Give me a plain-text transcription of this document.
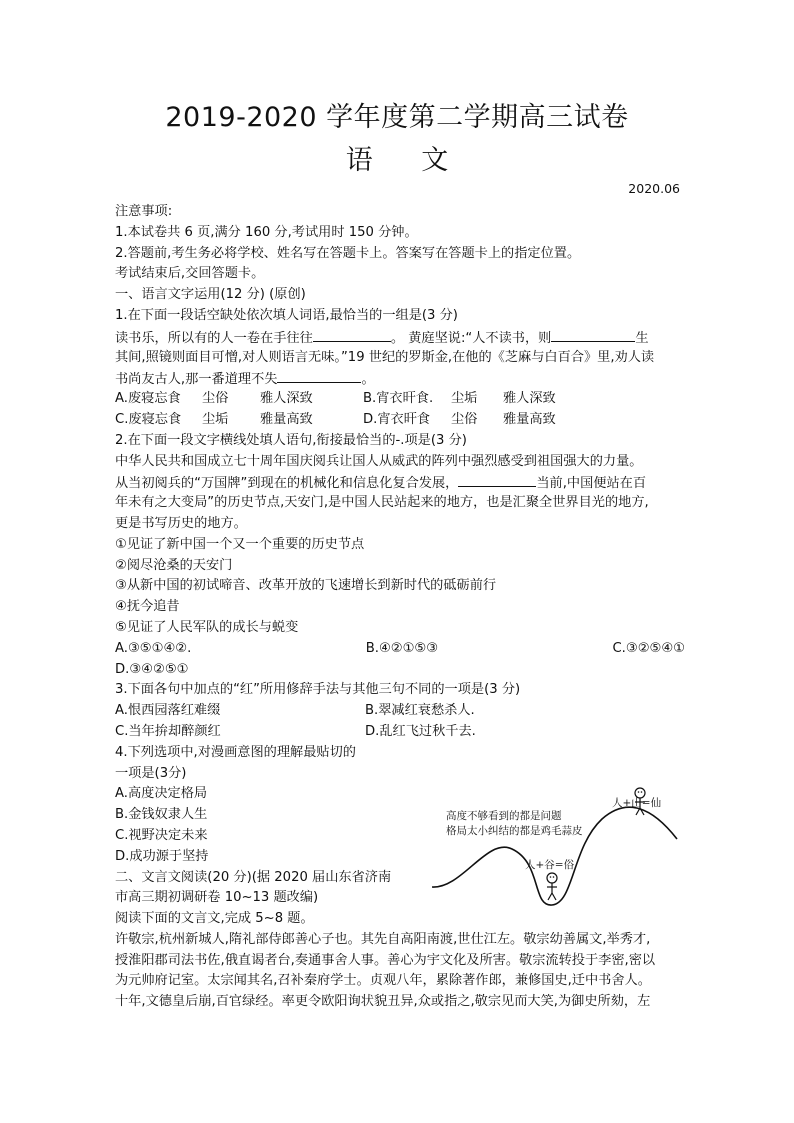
2019-2020 学年度第二学期高三试卷
语 文
2020.06
注意事项:
1.本试卷共 6 页,满分 160 分,考试用时 150 分钟。
2.答题前,考生务必将学校、姓名写在答题卡上。答案写在答题卡上的指定位置。
考试结束后,交回答题卡。
一、语言文字运用(12 分) (原创)
1.在下面一段话空缺处依次填人词语,最恰当的一组是(3 分)
读书乐，所以有的人一卷在手往往	。 黄庭坚说:“人不读书，则	生
其间,照镜则面目可憎,对人则语言无味。”19 世纪的罗斯金,在他的《芝麻与白百合》里,劝人读
书尚友古人,那一番道理不失	。
A.废寝忘食	尘俗	雅人深致	B.宵衣旰食.	尘垢	雅人深致
C.废寝忘食	尘垢	雅量高致	D.宵衣旰食	尘俗	雅量高致
2.在下面一段文字横线处填人语句,衔接最恰当的-.项是(3 分)
中华人民共和国成立七十周年国庆阅兵让国人从威武的阵列中强烈感受到祖国强大的力量。
从当初阅兵的“万国牌”到现在的机械化和信息化复合发展，	当前,中国便站在百
年未有之大变局”的历史节点,天安门,是中国人民站起来的地方，也是汇聚全世界目光的地方,
更是书写历史的地方。
①见证了新中国一个又一个重要的历史节点
②阅尽沧桑的天安门
③从新中国的初试啼音、改革开放的飞速增长到新时代的砥砺前行
④抚今追昔
⑤见证了人民军队的成长与蜕变
A.③⑤①④②.	B.④②①⑤③	C.③②⑤④①
D.③④②⑤①
3.下面各句中加点的“红”所用修辞手法与其他三句不同的一项是(3 分)
A.恨西园落红难缀	B.翠减红衰愁杀人.
C.当年拚却醉颜红	D.乱红飞过秋千去.
4.下列选项中,对漫画意图的理解最贴切的
一项是(3分)
A.高度决定格局
B.金钱奴隶人生
C.视野决定未来
D.成功源于坚持
二、文言文阅读(20 分)(据 2020 届山东省济南
市高三期初调研卷 10~13 题改编)
阅读下面的文言文,完成 5~8 题。
许敬宗,杭州新城人,隋礼部侍郎善心子也。其先自高阳南渡,世仕江左。敬宗幼善属文,举秀才,
授淮阳郡司法书佐,俄直谒者台,奏通事舍人事。善心为宇文化及所害。敬宗流转投于李密,密以
为元帅府记室。太宗闻其名,召补秦府学士。贞观八年，累除著作郎，兼修国史,迁中书舍人。
十年,文德皇后崩,百官绿经。率更令欧阳询状貌丑异,众或指之,敬宗见而大笑,为御史所劾，左
人+山=仙
高度不够看到的都是问题
格局太小纠结的都是鸡毛蒜皮
人+谷=俗
